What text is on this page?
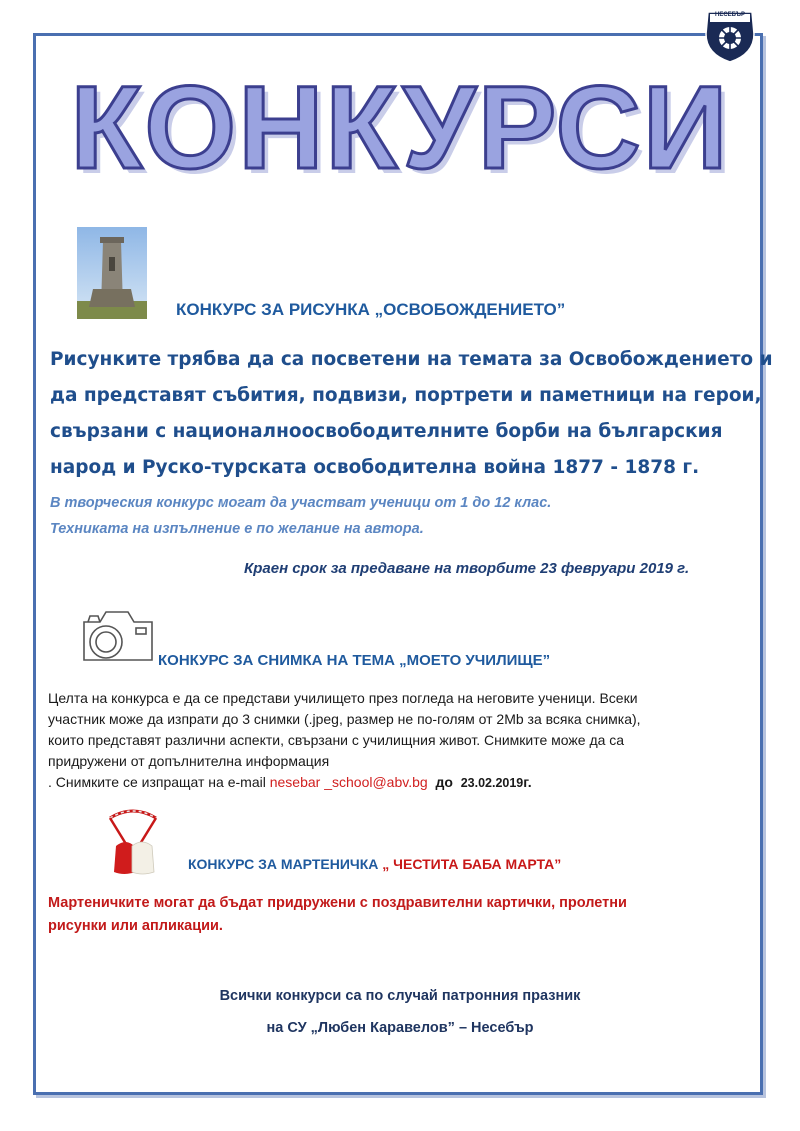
НЕСЕБЪР
КОНКУРСИ
КОНКУРС ЗА РИСУНКА „ОСВОБОЖДЕНИЕТО”
Рисунките трябва да са посветени на темата за Освобождението и
да представят събития, подвизи, портрети и паметници на герои,
свързани с националноосвободителните борби на българския
народ и Руско-турската освободителна война 1877 - 1878 г.
В творческия конкурс могат да участват ученици от 1 до 12 клас.
Техниката на изпълнение е по желание на автора.
Краен срок за предаване на творбите 23 февруари 2019 г.
КОНКУРС ЗА СНИМКА НА ТЕМА „МОЕТО УЧИЛИЩЕ”
Целта на конкурса е да се представи училището през погледа на неговите ученици. Всеки
участник може да изпрати до 3 снимки (.jpeg, размер не по-голям от 2Mb за всяка снимка),
които представят различни аспекти, свързани с училищния живот. Снимките може да са
придружени от допълнителна информация
. Снимките се изпращат на e-mail nesebar _school@abv.bg до 23.02.2019г.
КОНКУРС ЗА МАРТЕНИЧКА „ ЧЕСТИТА БАБА МАРТА”
Мартеничките могат да бъдат придружени с поздравителни картички, пролетни
рисунки или апликации.
Всички конкурси са по случай патронния празник
на СУ „Любен Каравелов” – Несебър
